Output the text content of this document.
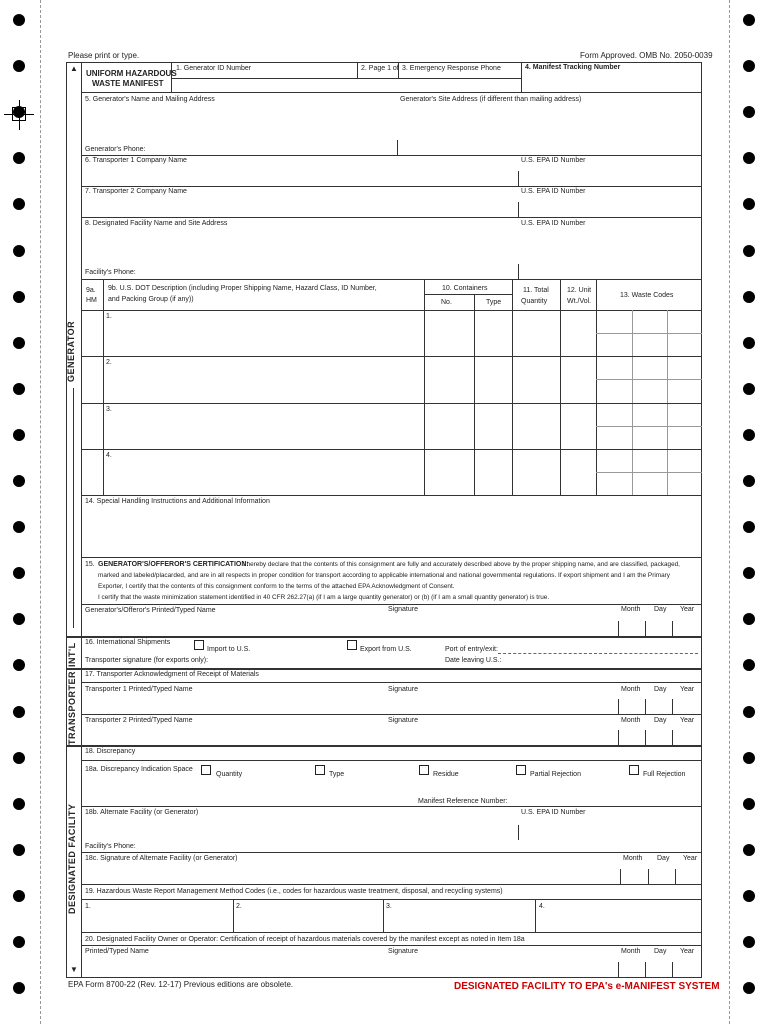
Please print or type.	Form Approved. OMB No. 2050-0039
▲
GENERATOR
INT'L
TRANSPORTER
DESIGNATED FACILITY
▼
UNIFORM HAZARDOUS
WASTE MANIFEST
1. Generator ID Number	2. Page 1 of 3. Emergency Response Phone	4. Manifest Tracking Number
5. Generator's Name and Mailing Address	Generator's Site Address (if different than mailing address)
Generator's Phone:
6. Transporter 1 Company Name	U.S. EPA ID Number
7. Transporter 2 Company Name	U.S. EPA ID Number
8. Designated Facility Name and Site Address	U.S. EPA ID Number
Facility's Phone:
9a.
HM
9b. U.S. DOT Description (including Proper Shipping Name, Hazard Class, ID Number,
and Packing Group (if any))
10. Containers
No.	Type
11. Total
Quantity
12. Unit
Wt./Vol.
13. Waste Codes
1.
2.
3.
4.
14. Special Handling Instructions and Additional Information
15. GENERATOR'S/OFFEROR'S CERTIFICATION:
I hereby declare that the contents of this consignment are fully and accurately described above by the proper shipping name, and are classified, packaged,
marked and labeled/placarded, and are in all respects in proper condition for transport according to applicable international and national governmental regulations. If export shipment and I am the Primary
Exporter, I certify that the contents of this consignment conform to the terms of the attached EPA Acknowledgment of Consent.
I certify that the waste minimization statement identified in 40 CFR 262.27(a) (if I am a large quantity generator) or (b) (if I am a small quantity generator) is true.
Generator's/Offeror's Printed/Typed Name	Signature	Month Day Year
16. International Shipments
Import to U.S.	Export from U.S.	Port of entry/exit:
Transporter signature (for exports only):	Date leaving U.S.:
17. Transporter Acknowledgment of Receipt of Materials
Transporter 1 Printed/Typed Name	Signature	Month Day Year
Transporter 2 Printed/Typed Name	Signature	Month Day Year
18. Discrepancy
18a. Discrepancy Indication Space
Quantity	Type	Residue	Partial Rejection	Full Rejection
Manifest Reference Number:
18b. Alternate Facility (or Generator)	U.S. EPA ID Number
Facility's Phone:
18c. Signature of Alternate Facility (or Generator)	Month Day Year
19. Hazardous Waste Report Management Method Codes (i.e., codes for hazardous waste treatment, disposal, and recycling systems)
1.	2.	3.	4.
20. Designated Facility Owner or Operator: Certification of receipt of hazardous materials covered by the manifest except as noted in Item 18a
Printed/Typed Name	Signature	Month Day Year
EPA Form 8700-22 (Rev. 12-17) Previous editions are obsolete.	DESIGNATED FACILITY TO EPA's e-MANIFEST SYSTEM
